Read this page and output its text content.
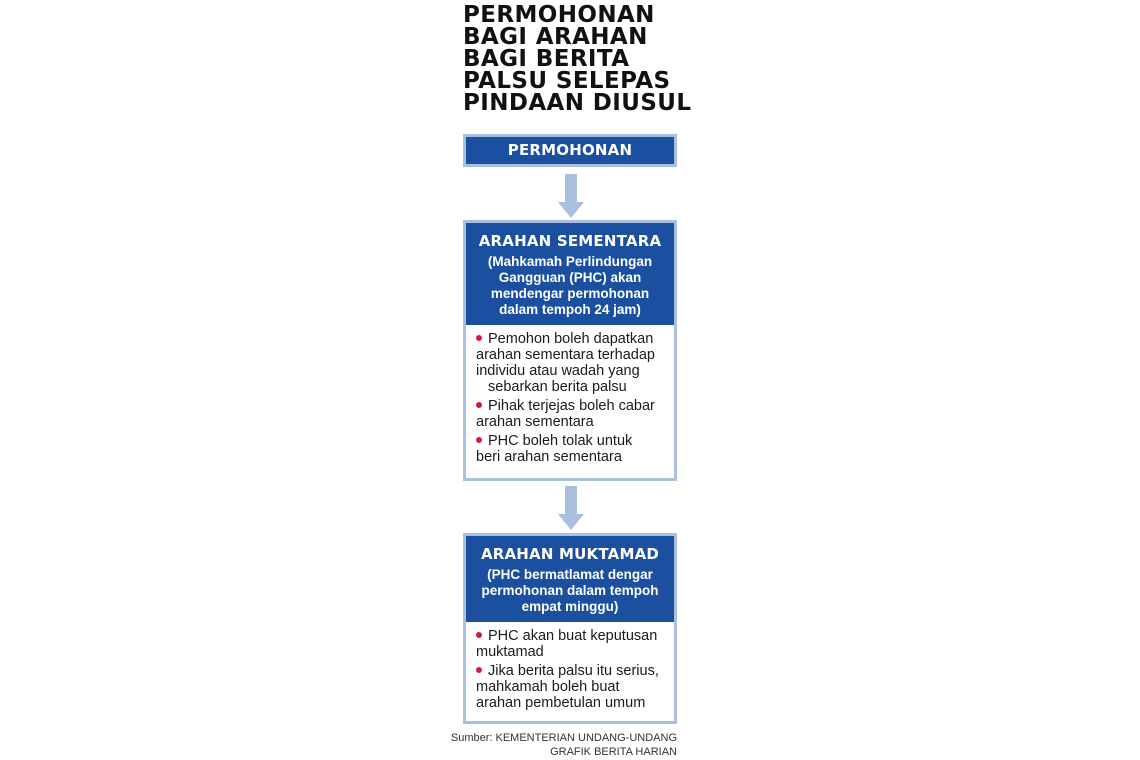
PERMOHONAN
BAGI ARAHAN
BAGI BERITA
PALSU SELEPAS
PINDAAN DIUSUL
PERMOHONAN
ARAHAN SEMENTARA
(Mahkamah Perlindungan
Gangguan (PHC) akan
mendengar permohonan
dalam tempoh 24 jam)
Pemohon boleh dapatkan
arahan sementara terhadap
individu atau wadah yang
sebarkan berita palsu
Pihak terjejas boleh cabar
arahan sementara
PHC boleh tolak untuk
beri arahan sementara
ARAHAN MUKTAMAD
(PHC bermatlamat dengar
permohonan dalam tempoh
empat minggu)
PHC akan buat keputusan
muktamad
Jika berita palsu itu serius,
mahkamah boleh buat
arahan pembetulan umum
Sumber: KEMENTERIAN UNDANG-UNDANG
GRAFIK BERITA HARIAN
